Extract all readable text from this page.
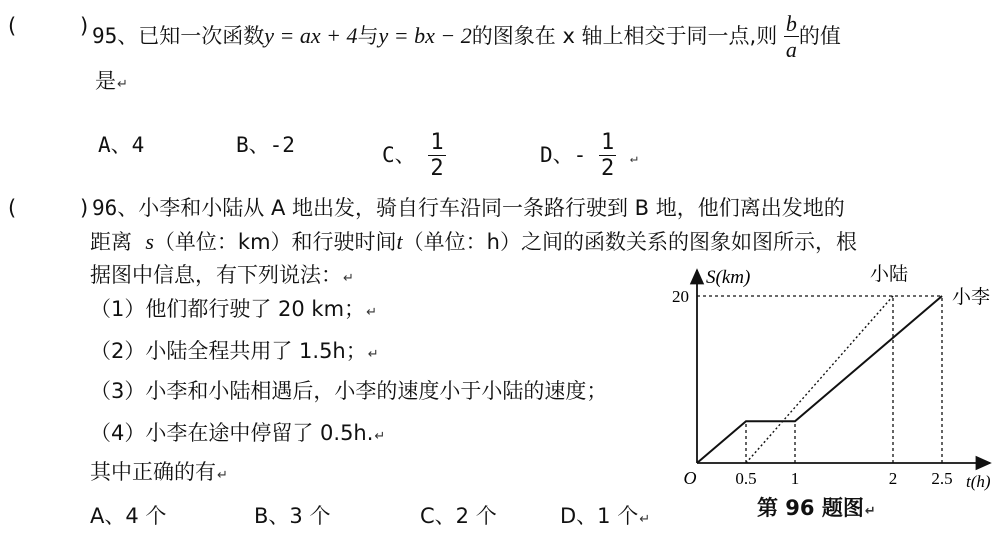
(	) 95、已知一次函数y = ax + 4与y = bx − 2的图象在 x 轴上相交于同一点,则 $\frac{b}{a}$ 的值
是↵
A、4	B、-2	C、 $\frac{1}{2}$	D、- $\frac{1}{2}$ ↵
(	) 96、小李和小陆从 A 地出发，骑自行车沿同一条路行驶到 B 地，他们离出发地的
距离 s（单位：km）和行驶时间t（单位：h）之间的函数关系的图象如图所示，根
据图中信息，有下列说法：↵
（1）他们都行驶了 20 km；↵
（2）小陆全程共用了 1.5h；↵
（3）小李和小陆相遇后，小李的速度小于小陆的速度；
（4）小李在途中停留了 0.5h.↵
其中正确的有↵
A、4 个	B、3 个	C、2 个	D、1 个↵
S(km)
t(h)
O
小陆
小李
20
0.5 1	2 2.5
第 96 题图↵
